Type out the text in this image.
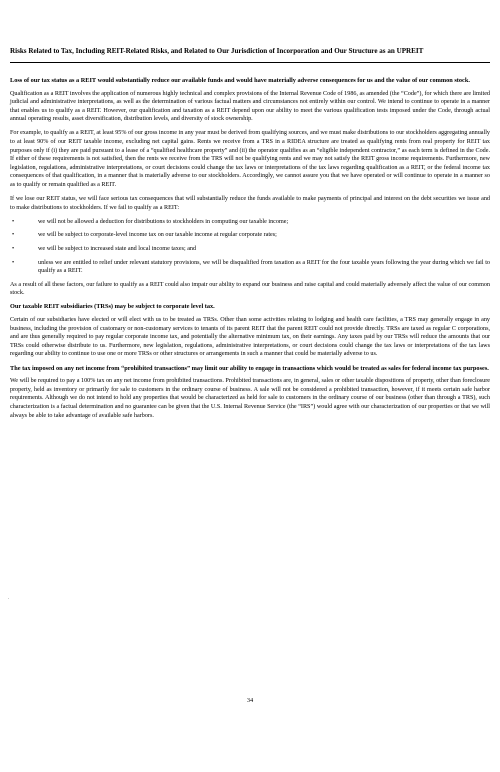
Risks Related to Tax, Including REIT-Related Risks, and Related to Our Jurisdiction of Incorporation and Our Structure as an UPREIT

Loss of our tax status as a REIT would substantially reduce our available funds and would have materially adverse consequences for us and the value of our common stock.

Qualification as a REIT involves the application of numerous highly technical and complex provisions of the Internal Revenue Code of 1986, as amended (the “Code”), for which there are limited judicial and administrative interpretations, as well as the determination of various factual matters and circumstances not entirely within our control. We intend to continue to operate in a manner that enables us to qualify as a REIT. However, our qualification and taxation as a REIT depend upon our ability to meet the various qualification tests imposed under the Code, through actual annual operating results, asset diversification, distribution levels, and diversity of stock ownership.

For example, to qualify as a REIT, at least 95% of our gross income in any year must be derived from qualifying sources, and we must make distributions to our stockholders aggregating annually to at least 90% of our REIT taxable income, excluding net capital gains. Rents we receive from a TRS in a RIDEA structure are treated as qualifying rents from real property for REIT tax purposes only if (i) they are paid pursuant to a lease of a “qualified healthcare property” and (ii) the operator qualifies as an “eligible independent contractor,” as each term is defined in the Code. If either of these requirements is not satisfied, then the rents we receive from the TRS will not be qualifying rents and we may not satisfy the REIT gross income requirements. Furthermore, new legislation, regulations, administrative interpretations, or court decisions could change the tax laws or interpretations of the tax laws regarding qualification as a REIT, or the federal income tax consequences of that qualification, in a manner that is materially adverse to our stockholders. Accordingly, we cannot assure you that we have operated or will continue to operate in a manner so as to qualify or remain qualified as a REIT.

If we lose our REIT status, we will face serious tax consequences that will substantially reduce the funds available to make payments of principal and interest on the debt securities we issue and to make distributions to stockholders. If we fail to qualify as a REIT:

•	we will not be allowed a deduction for distributions to stockholders in computing our taxable income;
•	we will be subject to corporate-level income tax on our taxable income at regular corporate rates;
•	we will be subject to increased state and local income taxes; and
•	unless we are entitled to relief under relevant statutory provisions, we will be disqualified from taxation as a REIT for the four taxable years following the year during which we fail to qualify as a REIT.

As a result of all these factors, our failure to qualify as a REIT could also impair our ability to expand our business and raise capital and could materially adversely affect the value of our common stock.

Our taxable REIT subsidiaries (TRSs) may be subject to corporate level tax.

Certain of our subsidiaries have elected or will elect with us to be treated as TRSs. Other than some activities relating to lodging and health care facilities, a TRS may generally engage in any business, including the provision of customary or non-customary services to tenants of its parent REIT that the parent REIT could not provide directly. TRSs are taxed as regular C corporations, and are thus generally required to pay regular corporate income tax, and potentially the alternative minimum tax, on their earnings. Any taxes paid by our TRSs will reduce the amounts that our TRSs could otherwise distribute to us. Furthermore, new legislation, regulations, administrative interpretations, or court decisions could change the tax laws or interpretations of the tax laws regarding our ability to continue to use one or more TRSs or other structures or arrangements in such a manner that could be materially adverse to us.

The tax imposed on any net income from “prohibited transactions” may limit our ability to engage in transactions which would be treated as sales for federal income tax purposes.

We will be required to pay a 100% tax on any net income from prohibited transactions. Prohibited transactions are, in general, sales or other taxable dispositions of property, other than foreclosure property, held as inventory or primarily for sale to customers in the ordinary course of business. A sale will not be considered a prohibited transaction, however, if it meets certain safe harbor requirements. Although we do not intend to hold any properties that would be characterized as held for sale to customers in the ordinary course of our business (other than through a TRS), such characterization is a factual determination and no guarantee can be given that the U.S. Internal Revenue Service (the “IRS”) would agree with our characterization of our properties or that we will always be able to take advantage of available safe harbors.

.
34
